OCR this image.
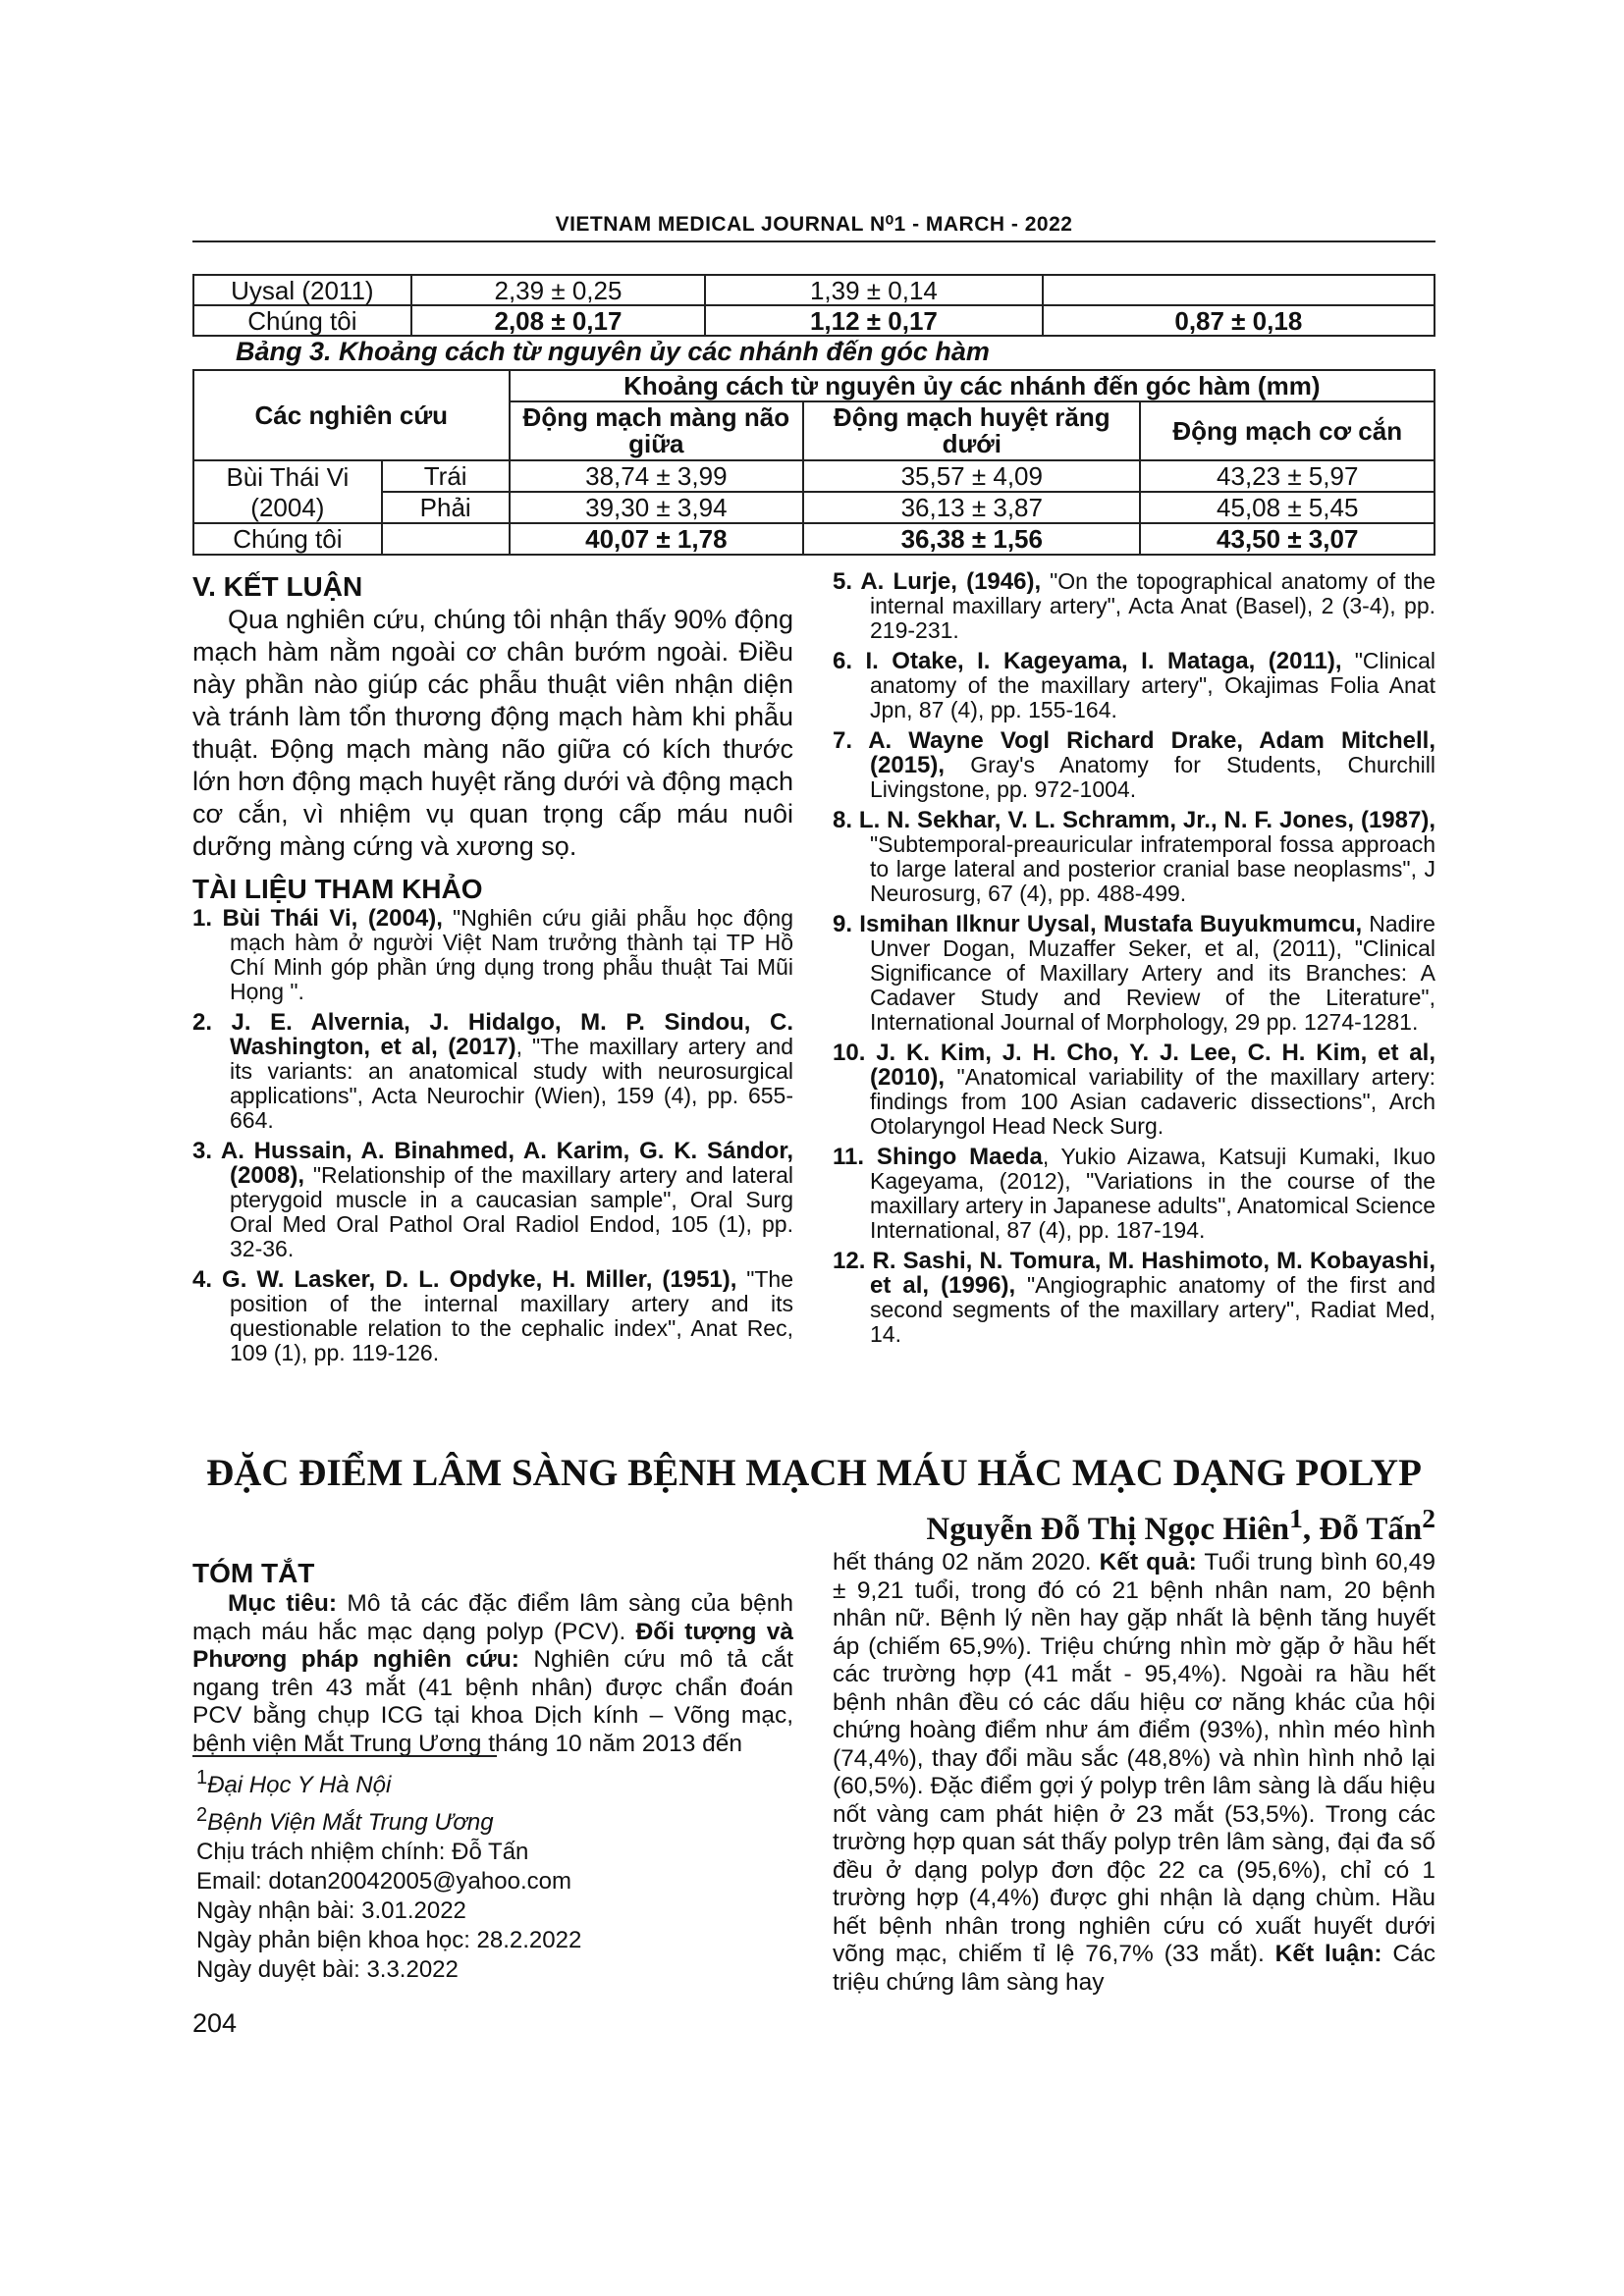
VIETNAM MEDICAL JOURNAL N⁰1 - MARCH - 2022
Uysal (2011)	2,39 ± 0,25	1,39 ± 0,14	
Chúng tôi	2,08 ± 0,17	1,12 ± 0,17	0,87 ± 0,18
Bảng 3. Khoảng cách từ nguyên ủy các nhánh đến góc hàm
Các nghiên cứu		Khoảng cách từ nguyên ủy các nhánh đến góc hàm (mm)		
		Động mạch màng não giữa	Động mạch huyệt răng dưới	Động mạch cơ cắn
Bùi Thái Vi	Trái	38,74 ± 3,99	35,57 ± 4,09	43,23 ± 5,97
(2004)	Phải	39,30 ± 3,94	36,13 ± 3,87	45,08 ± 5,45
Chúng tôi		40,07 ± 1,78	36,38 ± 1,56	43,50 ± 3,07
V. KẾT LUẬN

Qua nghiên cứu, chúng tôi nhận thấy 90% động mạch hàm nằm ngoài cơ chân bướm ngoài. Điều này phần nào giúp các phẫu thuật viên nhận diện và tránh làm tổn thương động mạch hàm khi phẫu thuật. Động mạch màng não giữa có kích thước lớn hơn động mạch huyệt răng dưới và động mạch cơ cắn, vì nhiệm vụ quan trọng cấp máu nuôi dưỡng màng cứng và xương sọ.

TÀI LIỆU THAM KHẢO

1. Bùi Thái Vi, (2004), "Nghiên cứu giải phẫu học động mạch hàm ở người Việt Nam trưởng thành tại TP Hồ Chí Minh góp phần ứng dụng trong phẫu thuật Tai Mũi Họng ".

2. J. E. Alvernia, J. Hidalgo, M. P. Sindou, C. Washington, et al, (2017), "The maxillary artery and its variants: an anatomical study with neurosurgical applications", Acta Neurochir (Wien), 159 (4), pp. 655-664.

3. A. Hussain, A. Binahmed, A. Karim, G. K. Sándor, (2008), "Relationship of the maxillary artery and lateral pterygoid muscle in a caucasian sample", Oral Surg Oral Med Oral Pathol Oral Radiol Endod, 105 (1), pp. 32-36.

4. G. W. Lasker, D. L. Opdyke, H. Miller, (1951), "The position of the internal maxillary artery and its questionable relation to the cephalic index", Anat Rec, 109 (1), pp. 119-126.

5. A. Lurje, (1946), "On the topographical anatomy of the internal maxillary artery", Acta Anat (Basel), 2 (3-4), pp. 219-231.

6. I. Otake, I. Kageyama, I. Mataga, (2011), "Clinical anatomy of the maxillary artery", Okajimas Folia Anat Jpn, 87 (4), pp. 155-164.

7. A. Wayne Vogl Richard Drake, Adam Mitchell, (2015), Gray's Anatomy for Students, Churchill Livingstone, pp. 972-1004.

8. L. N. Sekhar, V. L. Schramm, Jr., N. F. Jones, (1987), "Subtemporal-preauricular infratemporal fossa approach to large lateral and posterior cranial base neoplasms", J Neurosurg, 67 (4), pp. 488-499.

9. Ismihan Ilknur Uysal, Mustafa Buyukmumcu, Nadire Unver Dogan, Muzaffer Seker, et al, (2011), "Clinical Significance of Maxillary Artery and its Branches: A Cadaver Study and Review of the Literature", International Journal of Morphology, 29 pp. 1274-1281.

10. J. K. Kim, J. H. Cho, Y. J. Lee, C. H. Kim, et al, (2010), "Anatomical variability of the maxillary artery: findings from 100 Asian cadaveric dissections", Arch Otolaryngol Head Neck Surg.

11. Shingo Maeda, Yukio Aizawa, Katsuji Kumaki, Ikuo Kageyama, (2012), "Variations in the course of the maxillary artery in Japanese adults", Anatomical Science International, 87 (4), pp. 187-194.

12. R. Sashi, N. Tomura, M. Hashimoto, M. Kobayashi, et al, (1996), "Angiographic anatomy of the first and second segments of the maxillary artery", Radiat Med, 14.

ĐẶC ĐIỂM LÂM SÀNG BỆNH MẠCH MÁU HẮC MẠC DẠNG POLYP
Nguyễn Đỗ Thị Ngọc Hiên$^1$, Đỗ Tấn$^2$
TÓM TẮT

Mục tiêu: Mô tả các đặc điểm lâm sàng của bệnh mạch máu hắc mạc dạng polyp (PCV). Đối tượng và Phương pháp nghiên cứu: Nghiên cứu mô tả cắt ngang trên 43 mắt (41 bệnh nhân) được chẩn đoán PCV bằng chụp ICG tại khoa Dịch kính – Võng mạc, bệnh viện Mắt Trung Ương tháng 10 năm 2013 đến

hết tháng 02 năm 2020. Kết quả: Tuổi trung bình 60,49 ± 9,21 tuổi, trong đó có 21 bệnh nhân nam, 20 bệnh nhân nữ. Bệnh lý nền hay gặp nhất là bệnh tăng huyết áp (chiếm 65,9%). Triệu chứng nhìn mờ gặp ở hầu hết các trường hợp (41 mắt - 95,4%). Ngoài ra hầu hết bệnh nhân đều có các dấu hiệu cơ năng khác của hội chứng hoàng điểm như ám điểm (93%), nhìn méo hình (74,4%), thay đổi mầu sắc (48,8%) và nhìn hình nhỏ lại (60,5%). Đặc điểm gợi ý polyp trên lâm sàng là dấu hiệu nốt vàng cam phát hiện ở 23 mắt (53,5%). Trong các trường hợp quan sát thấy polyp trên lâm sàng, đại đa số đều ở dạng polyp đơn độc 22 ca (95,6%), chỉ có 1 trường hợp (4,4%) được ghi nhận là dạng chùm. Hầu hết bệnh nhân trong nghiên cứu có xuất huyết dưới võng mạc, chiếm tỉ lệ 76,7% (33 mắt). Kết luận: Các triệu chứng lâm sàng hay

$^1$Đại Học Y Hà Nội
$^2$Bệnh Viện Mắt Trung Ương
Chịu trách nhiệm chính: Đỗ Tấn
Email: dotan20042005@yahoo.com
Ngày nhận bài: 3.01.2022
Ngày phản biện khoa học: 28.2.2022
Ngày duyệt bài: 3.3.2022
204
